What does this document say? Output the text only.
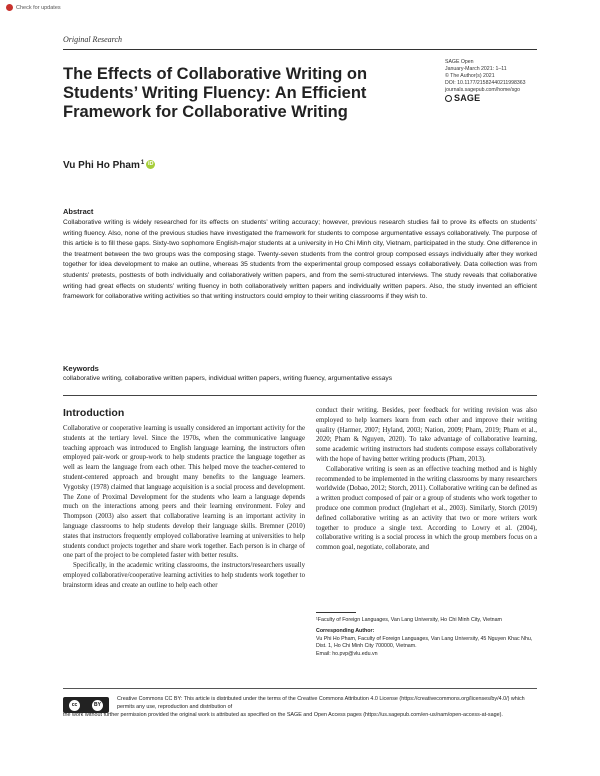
Check for updates
Original Research
The Effects of Collaborative Writing on Students’ Writing Fluency: An Efficient Framework for Collaborative Writing
SAGE Open
January-March 2021: 1–11
© The Author(s) 2021
DOI: 10.1177/21582440211998363
journals.sagepub.com/home/sgo
SAGE
Vu Phi Ho Pham$^1$ iD
Abstract

Collaborative writing is widely researched for its effects on students’ writing accuracy; however, previous research studies fail to prove its effects on students’ writing fluency. Also, none of the previous studies have investigated the framework for students to compose argumentative essays collaboratively. The purpose of this article is to fill these gaps. Sixty-two sophomore English-major students at a university in Ho Chi Minh city, Vietnam, participated in the study. One difference in the treatment between the two groups was the composing stage. Twenty-seven students from the control group composed essays individually after they worked together for idea development to make an outline, whereas 35 students from the experimental group composed essays collaboratively. Data collection was from students’ pretests, posttests of both individually and collaboratively written papers, and from the semi-structured interviews. The study reveals that collaborative writing had great effects on students’ writing fluency in both collaboratively written papers and individually written papers. Also, the study invented an efficient framework for collaborative writing activities so that writing instructors could employ to their writing classrooms if they wish to.

Keywords

collaborative writing, collaborative written papers, individual written papers, writing fluency, argumentative essays

Introduction

Collaborative or cooperative learning is usually considered an important activity for the students at the tertiary level. Since the 1970s, when the communicative language teaching approach was introduced to English language learning, the instructors often employed pair-work or group-work to help students practice the language together as well as learn the language from each other. This helped move the teacher-centered to student-centered approach and brought many benefits to the language learners. Vygotsky (1978) claimed that language acquisition is a social process and development. The Zone of Proximal Development for the students who learn a language depends much on the interactions among peers and their learning environment. Foley and Thompson (2003) also assert that collaborative learning is an important activity in language classrooms to help students develop their language skills. Bremner (2010) states that instructors frequently employed collaborative learning at universities to help students conduct projects together and share work together. Each person is in charge of one part of the project to be completed faster with better results.

Specifically, in the academic writing classrooms, the instructors/researchers usually employed collaborative/cooperative learning activities to help students work together to brainstorm ideas and create an outline to help each other

conduct their writing. Besides, peer feedback for writing revision was also employed to help learners learn from each other and improve their writing quality (Harmer, 2007; Hyland, 2003; Nation, 2009; Pham, 2019; Pham et al., 2020; Pham & Nguyen, 2020). To take advantage of collaborative learning, some academic writing instructors had students compose essays collaboratively with the hope of having better writing products (Pham, 2013).

Collaborative writing is seen as an effective teaching method and is highly recommended to be implemented in the writing classrooms by many researchers worldwide (Dobao, 2012; Storch, 2011). Collaborative writing can be defined as a written product composed of pair or a group of students who work together to produce one common product (Inglehart et al., 2003). Similarly, Storch (2019) defined collaborative writing as an activity that two or more writers work together to produce a single text. According to Lowry et al. (2004), collaborative writing is a social process in which the group members focus on a common goal, negotiate, collaborate, and

¹Faculty of Foreign Languages, Van Lang University, Ho Chi Minh City, Vietnam

Corresponding Author:

Vu Phi Ho Pham, Faculty of Foreign Languages, Van Lang University, 45 Nguyen Khac Nhu, Dist. 1, Ho Chi Minh City 700000, Vietnam.

Email: ho.pvp@vlu.edu.vn

cc	BY

Creative Commons CC BY: This article is distributed under the terms of the Creative Commons Attribution 4.0 License (https://creativecommons.org/licenses/by/4.0/) which permits any use, reproduction and distribution of

the work without further permission provided the original work is attributed as specified on the SAGE and Open Access pages (https://us.sagepub.com/en-us/nam/open-access-at-sage).
